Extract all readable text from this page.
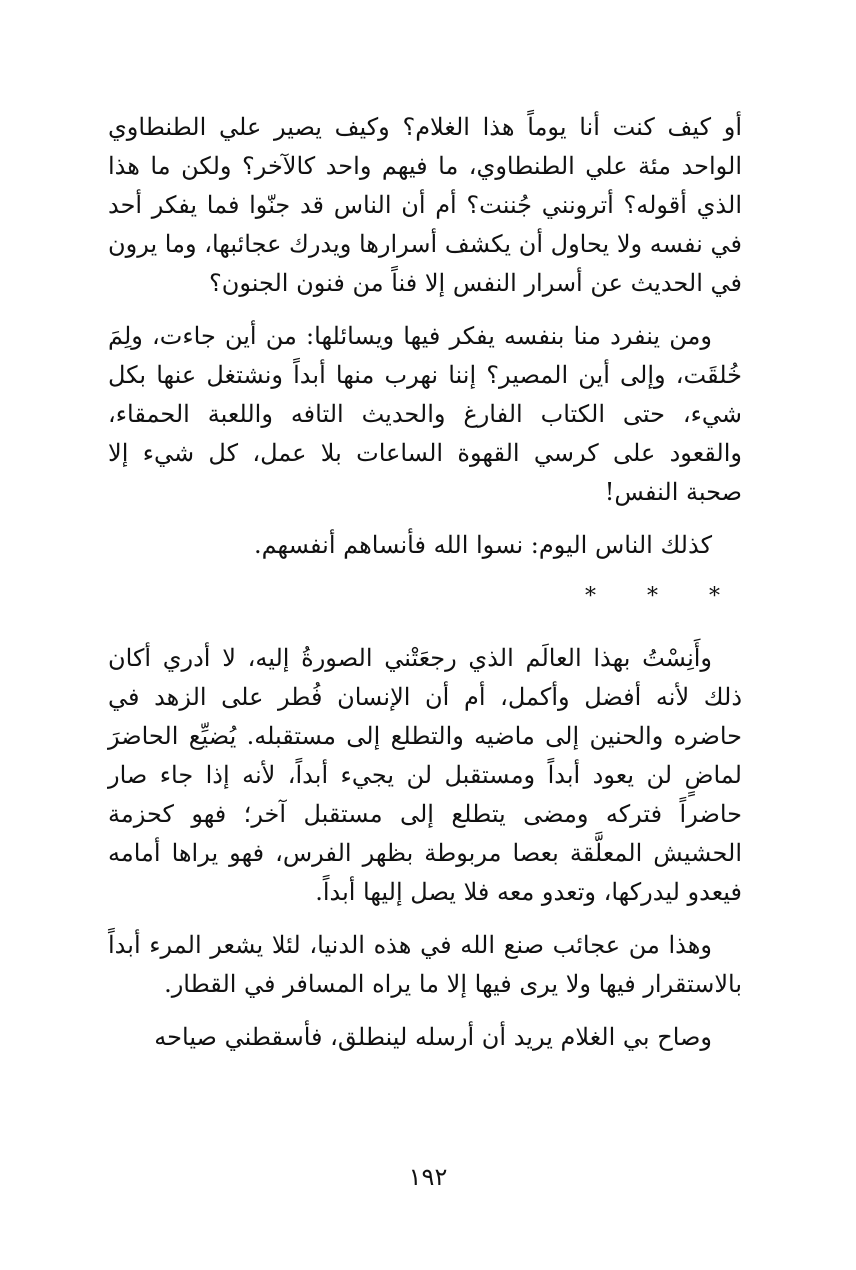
أو كيف كنت أنا يوماً هذا الغلام؟ وكيف يصير علي الطنطاوي الواحد مئة علي الطنطاوي، ما فيهم واحد كالآخر؟ ولكن ما هذا الذي أقوله؟ أترونني جُننت؟ أم أن الناس قد جنّوا فما يفكر أحد في نفسه ولا يحاول أن يكشف أسرارها ويدرك عجائبها، وما يرون في الحديث عن أسرار النفس إلا فناً من فنون الجنون؟

ومن ينفرد منا بنفسه يفكر فيها ويسائلها: من أين جاءت، ولِمَ خُلقَت، وإلى أين المصير؟ إننا نهرب منها أبداً ونشتغل عنها بكل شيء، حتى الكتاب الفارغ والحديث التافه واللعبة الحمقاء، والقعود على كرسي القهوة الساعات بلا عمل، كل شيء إلا صحبة النفس!

كذلك الناس اليوم: نسوا الله فأنساهم أنفسهم.

* * *

وأَنِسْتُ بهذا العالَم الذي رجعَتْني الصورةُ إليه، لا أدري أكان ذلك لأنه أفضل وأكمل، أم أن الإنسان فُطر على الزهد في حاضره والحنين إلى ماضيه والتطلع إلى مستقبله. يُضيِّع الحاضرَ لماضٍ لن يعود أبداً ومستقبل لن يجيء أبداً، لأنه إذا جاء صار حاضراً فتركه ومضى يتطلع إلى مستقبل آخر؛ فهو كحزمة الحشيش المعلَّقة بعصا مربوطة بظهر الفرس، فهو يراها أمامه فيعدو ليدركها، وتعدو معه فلا يصل إليها أبداً.

وهذا من عجائب صنع الله في هذه الدنيا، لئلا يشعر المرء أبداً بالاستقرار فيها ولا يرى فيها إلا ما يراه المسافر في القطار.

وصاح بي الغلام يريد أن أرسله لينطلق، فأسقطني صياحه

١٩٢
